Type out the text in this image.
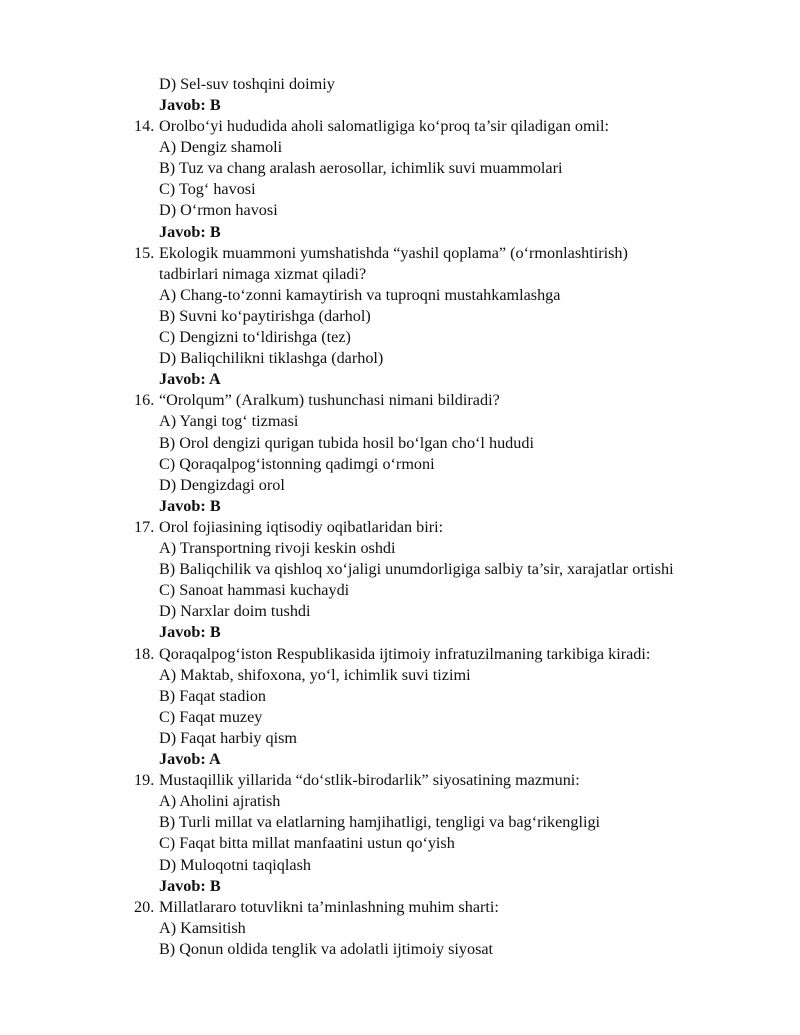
D) Sel-suv toshqini doimiy
Javob: B
14. Orolbo‘yi hududida aholi salomatligiga ko‘proq ta’sir qiladigan omil:
A) Dengiz shamoli
B) Tuz va chang aralash aerosollar, ichimlik suvi muammolari
C) Tog‘ havosi
D) O‘rmon havosi
Javob: B
15. Ekologik muammoni yumshatishda “yashil qoplama” (o‘rmonlashtirish)
tadbirlari nimaga xizmat qiladi?
A) Chang-to‘zonni kamaytirish va tuproqni mustahkamlashga
B) Suvni ko‘paytirishga (darhol)
C) Dengizni to‘ldirishga (tez)
D) Baliqchilikni tiklashga (darhol)
Javob: A
16. “Orolqum” (Aralkum) tushunchasi nimani bildiradi?
A) Yangi tog‘ tizmasi
B) Orol dengizi qurigan tubida hosil bo‘lgan cho‘l hududi
C) Qoraqalpog‘istonning qadimgi o‘rmoni
D) Dengizdagi orol
Javob: B
17. Orol fojiasining iqtisodiy oqibatlaridan biri:
A) Transportning rivoji keskin oshdi
B) Baliqchilik va qishloq xo‘jaligi unumdorligiga salbiy ta’sir, xarajatlar ortishi
C) Sanoat hammasi kuchaydi
D) Narxlar doim tushdi
Javob: B
18. Qoraqalpog‘iston Respublikasida ijtimoiy infratuzilmaning tarkibiga kiradi:
A) Maktab, shifoxona, yo‘l, ichimlik suvi tizimi
B) Faqat stadion
C) Faqat muzey
D) Faqat harbiy qism
Javob: A
19. Mustaqillik yillarida “do‘stlik-birodarlik” siyosatining mazmuni:
A) Aholini ajratish
B) Turli millat va elatlarning hamjihatligi, tengligi va bag‘rikengligi
C) Faqat bitta millat manfaatini ustun qo‘yish
D) Muloqotni taqiqlash
Javob: B
20. Millatlararo totuvlikni ta’minlashning muhim sharti:
A) Kamsitish
B) Qonun oldida tenglik va adolatli ijtimoiy siyosat
